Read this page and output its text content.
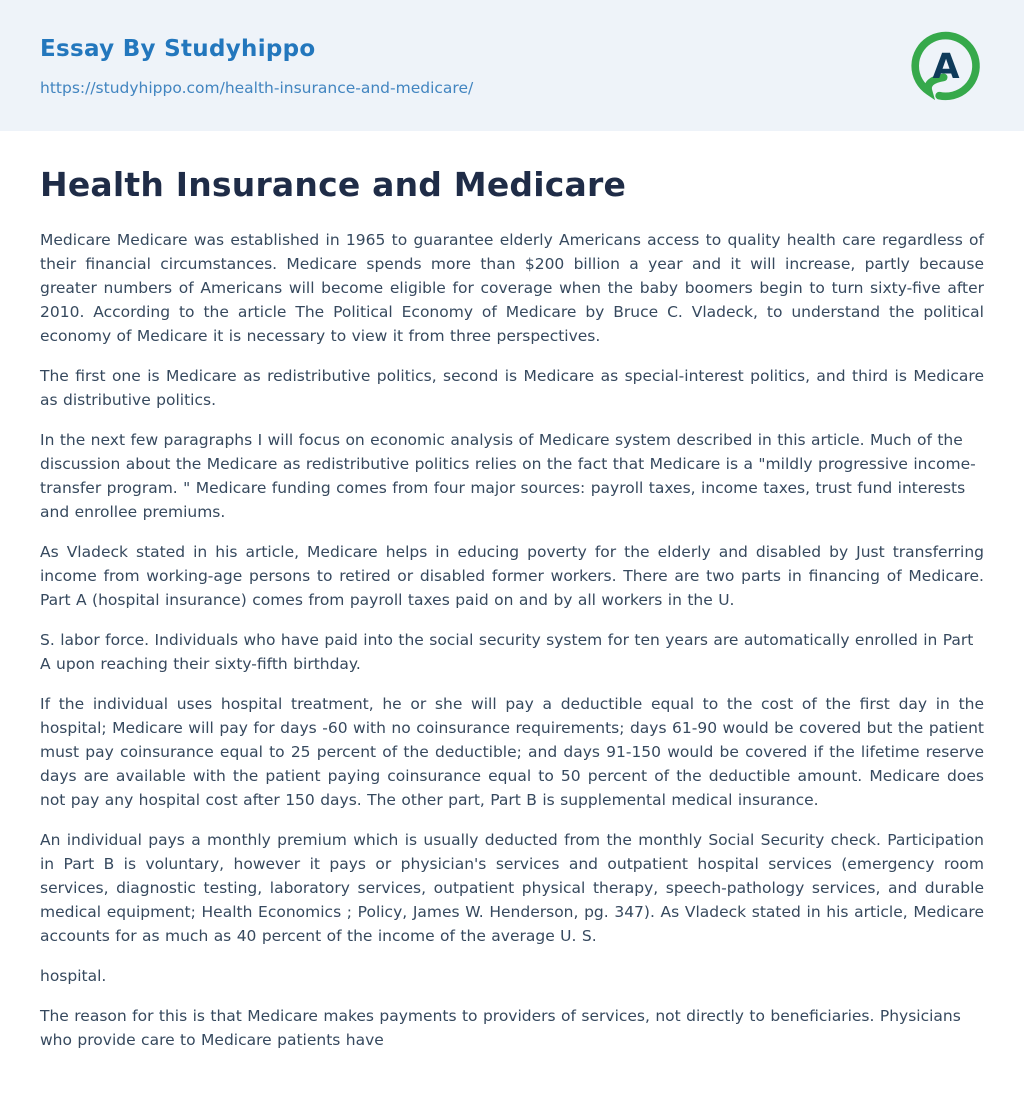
Essay By Studyhippo
https://studyhippo.com/health-insurance-and-medicare/
A
Health Insurance and Medicare

Medicare Medicare was established in 1965 to guarantee elderly Americans access to quality health care regardless of their financial circumstances. Medicare spends more than $200 billion a year and it will increase, partly because greater numbers of Americans will become eligible for coverage when the baby boomers begin to turn sixty-five after 2010. According to the article The Political Economy of Medicare by Bruce C. Vladeck, to understand the political economy of Medicare it is necessary to view it from three perspectives.

The first one is Medicare as redistributive politics, second is Medicare as special-interest politics, and third is Medicare as distributive politics.

In the next few paragraphs I will focus on economic analysis of Medicare system described in this article. Much of the discussion about the Medicare as redistributive politics relies on the fact that Medicare is a "mildly progressive income-transfer program. " Medicare funding comes from four major sources: payroll taxes, income taxes, trust fund interests and enrollee premiums.

As Vladeck stated in his article, Medicare helps in educing poverty for the elderly and disabled by Just transferring income from working-age persons to retired or disabled former workers. There are two parts in financing of Medicare. Part A (hospital insurance) comes from payroll taxes paid on and by all workers in the U.

S. labor force. Individuals who have paid into the social security system for ten years are automatically enrolled in Part A upon reaching their sixty-fifth birthday.

If the individual uses hospital treatment, he or she will pay a deductible equal to the cost of the first day in the hospital; Medicare will pay for days -60 with no coinsurance requirements; days 61-90 would be covered but the patient must pay coinsurance equal to 25 percent of the deductible; and days 91-150 would be covered if the lifetime reserve days are available with the patient paying coinsurance equal to 50 percent of the deductible amount. Medicare does not pay any hospital cost after 150 days. The other part, Part B is supplemental medical insurance.

An individual pays a monthly premium which is usually deducted from the monthly Social Security check. Participation in Part B is voluntary, however it pays or physician's services and outpatient hospital services (emergency room services, diagnostic testing, laboratory services, outpatient physical therapy, speech-pathology services, and durable medical equipment; Health Economics ; Policy, James W. Henderson, pg. 347). As Vladeck stated in his article, Medicare accounts for as much as 40 percent of the income of the average U. S.

hospital.

The reason for this is that Medicare makes payments to providers of services, not directly to beneficiaries. Physicians who provide care to Medicare patients have
